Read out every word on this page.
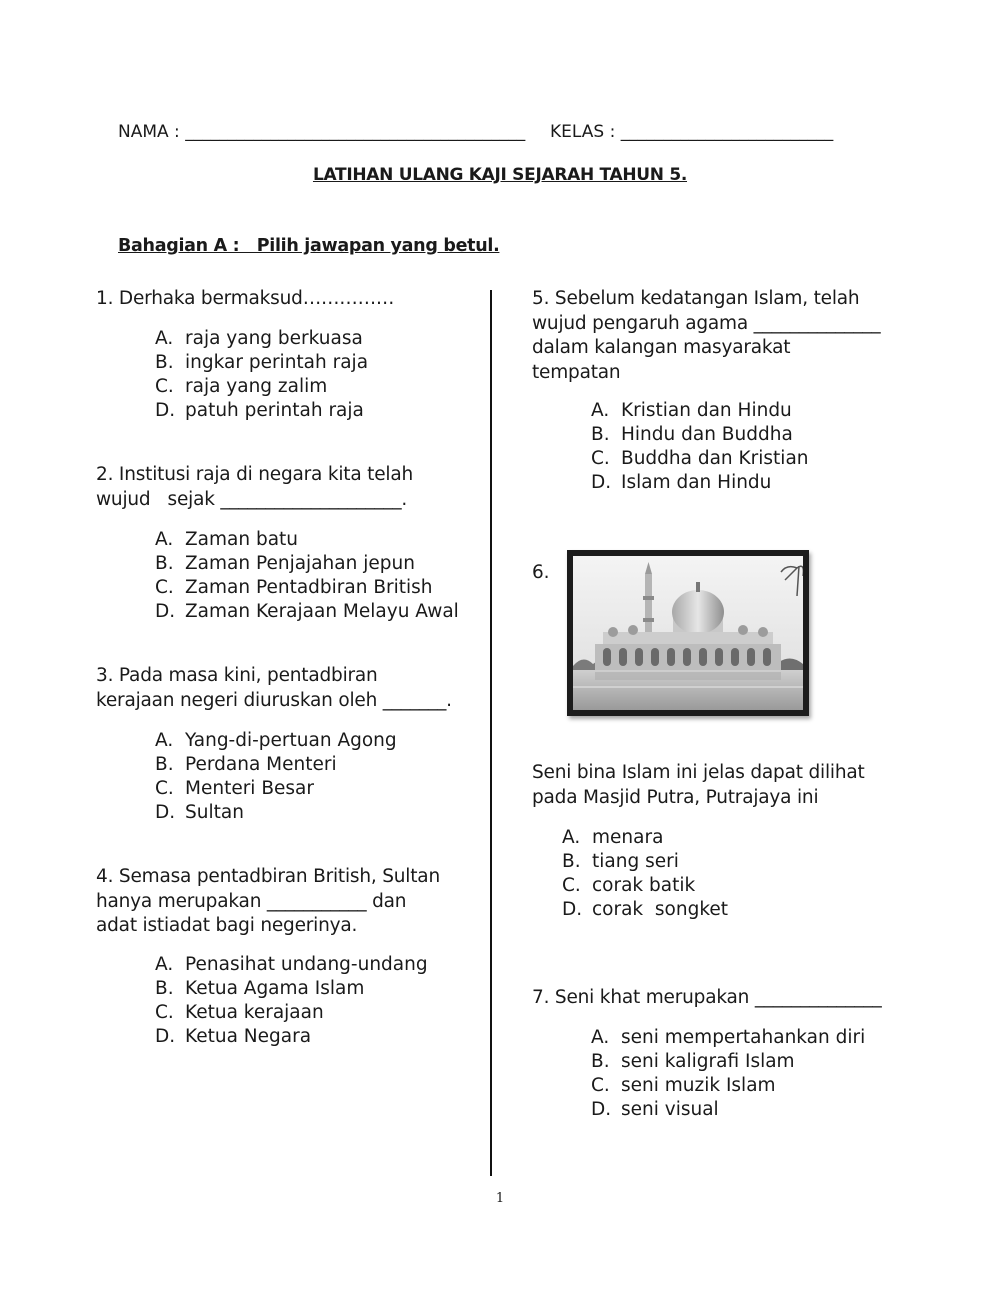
NAMA : ________________________________________ KELAS : _________________________
LATIHAN ULANG KAJI SEJARAH TAHUN 5.
Bahagian A :   Pilih jawapan yang betul.
1. Derhaka bermaksud……………
A. raja yang berkuasa
B. ingkar perintah raja
C. raja yang zalim
D. patuh perintah raja
2. Institusi raja di negara kita telah
wujud   sejak ____________________.
A. Zaman batu
B. Zaman Penjajahan jepun
C. Zaman Pentadbiran British
D. Zaman Kerajaan Melayu Awal
3. Pada masa kini, pentadbiran
kerajaan negeri diuruskan oleh _______.
A. Yang-di-pertuan Agong
B. Perdana Menteri
C. Menteri Besar
D. Sultan
4. Semasa pentadbiran British, Sultan
hanya merupakan ___________ dan
adat istiadat bagi negerinya.
A. Penasihat undang-undang
B. Ketua Agama Islam
C. Ketua kerajaan
D. Ketua Negara
5. Sebelum kedatangan Islam, telah
wujud pengaruh agama ______________
dalam kalangan masyarakat
tempatan
A. Kristian dan Hindu
B. Hindu dan Buddha
C. Buddha dan Kristian
D. Islam dan Hindu
6.
Seni bina Islam ini jelas dapat dilihat
pada Masjid Putra, Putrajaya ini
A. menara
B. tiang seri
C. corak batik
D. corak  songket
7. Seni khat merupakan ______________
A. seni mempertahankan diri
B. seni kaligrafi Islam
C. seni muzik Islam
D. seni visual
1
